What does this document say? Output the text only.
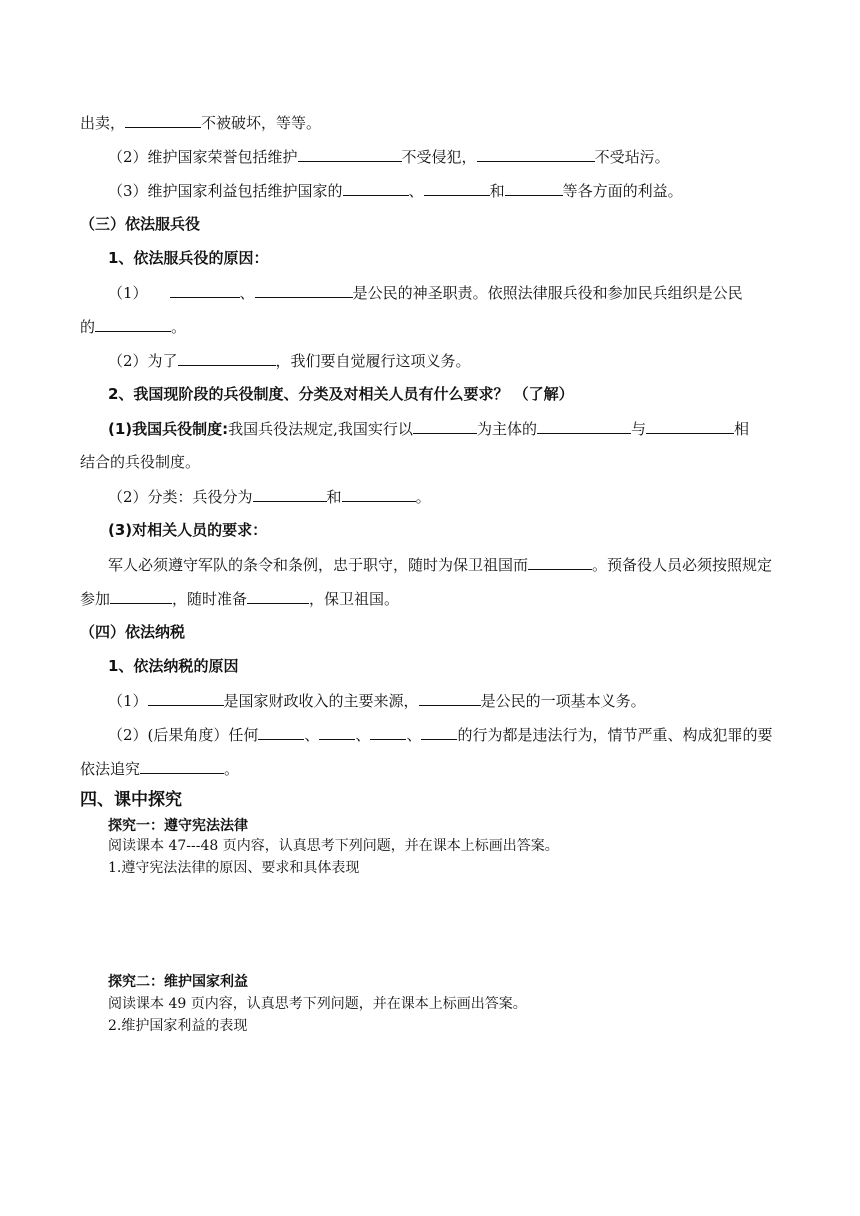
出卖，	不被破坏，等等。
（2）维护国家荣誉包括维护	不受侵犯，	不受玷污。
（3）维护国家利益包括维护国家的	、	和	等各方面的利益。
（三）依法服兵役
1、依法服兵役的原因：
（1）	、	是公民的神圣职责。依照法律服兵役和参加民兵组织是公民
的	。
（2）为了	，我们要自觉履行这项义务。
2、我国现阶段的兵役制度、分类及对相关人员有什么要求？ （了解）
(1)我国兵役制度:我国兵役法规定,我国实行以	为主体的	与	相
结合的兵役制度。
（2）分类：兵役分为	和	。
(3)对相关人员的要求：
军人必须遵守军队的条令和条例，忠于职守，随时为保卫祖国而	。预备役人员必须按照规定
参加	，随时准备	，保卫祖国。
（四）依法纳税
1、依法纳税的原因
（1）	是国家财政收入的主要来源，	是公民的一项基本义务。
（2）(后果角度）任何	、 、 、 的行为都是违法行为，情节严重、构成犯罪的要
依法追究	。
四、课中探究
探究一：遵守宪法法律
阅读课本 47---48 页内容，认真思考下列问题，并在课本上标画出答案。
1.遵守宪法法律的原因、要求和具体表现
探究二：维护国家利益
阅读课本 49 页内容，认真思考下列问题，并在课本上标画出答案。
2.维护国家利益的表现
